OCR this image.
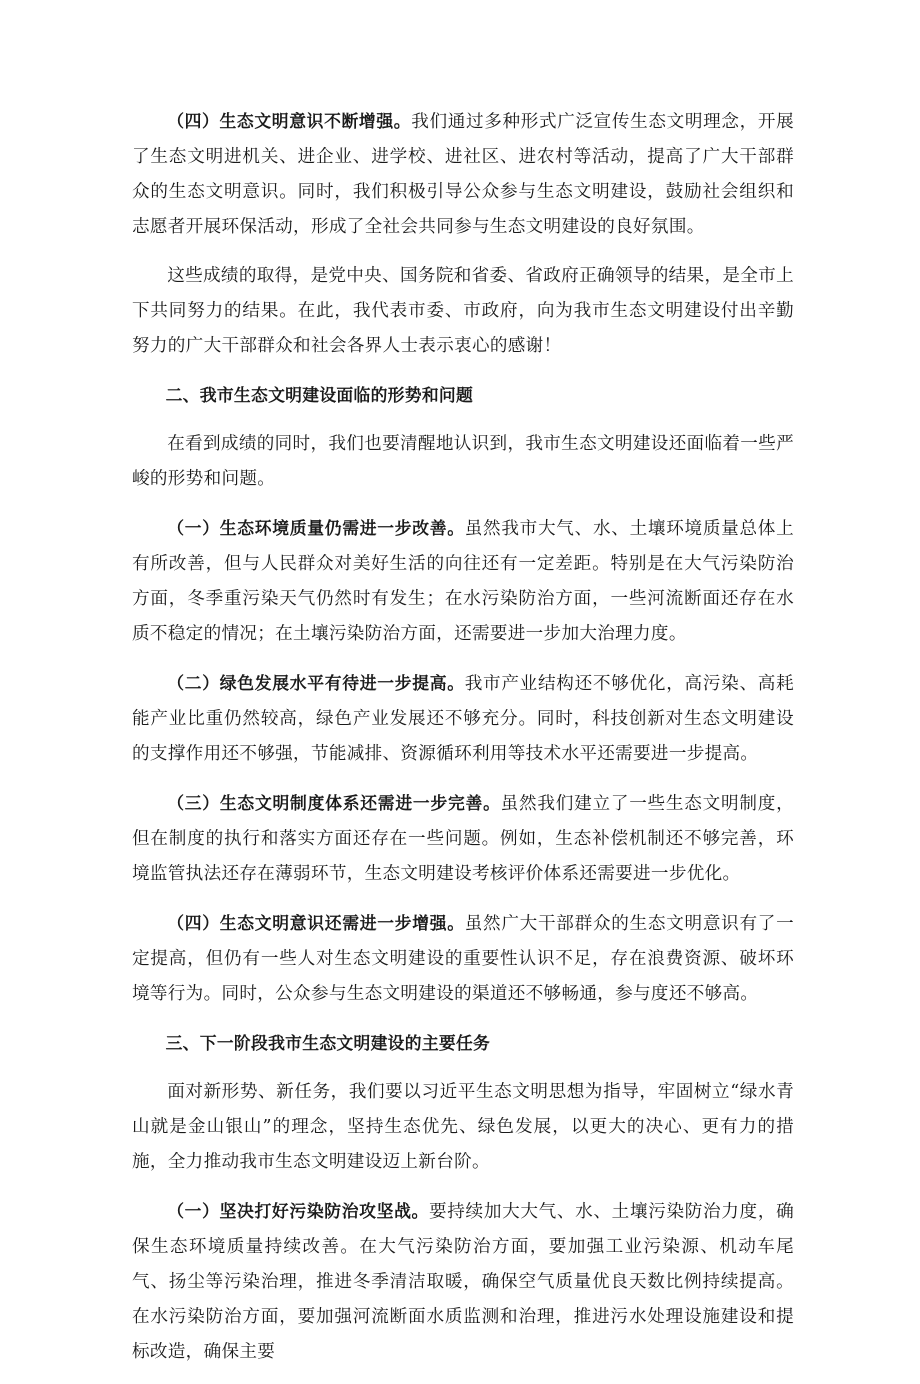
（四）生态文明意识不断增强。我们通过多种形式广泛宣传生态文明理念，开展了生态文明进机关、进企业、进学校、进社区、进农村等活动，提高了广大干部群众的生态文明意识。同时，我们积极引导公众参与生态文明建设，鼓励社会组织和志愿者开展环保活动，形成了全社会共同参与生态文明建设的良好氛围。

这些成绩的取得，是党中央、国务院和省委、省政府正确领导的结果，是全市上下共同努力的结果。在此，我代表市委、市政府，向为我市生态文明建设付出辛勤努力的广大干部群众和社会各界人士表示衷心的感谢！

二、我市生态文明建设面临的形势和问题

在看到成绩的同时，我们也要清醒地认识到，我市生态文明建设还面临着一些严峻的形势和问题。

（一）生态环境质量仍需进一步改善。虽然我市大气、水、土壤环境质量总体上有所改善，但与人民群众对美好生活的向往还有一定差距。特别是在大气污染防治方面，冬季重污染天气仍然时有发生；在水污染防治方面，一些河流断面还存在水质不稳定的情况；在土壤污染防治方面，还需要进一步加大治理力度。

（二）绿色发展水平有待进一步提高。我市产业结构还不够优化，高污染、高耗能产业比重仍然较高，绿色产业发展还不够充分。同时，科技创新对生态文明建设的支撑作用还不够强，节能减排、资源循环利用等技术水平还需要进一步提高。

（三）生态文明制度体系还需进一步完善。虽然我们建立了一些生态文明制度，但在制度的执行和落实方面还存在一些问题。例如，生态补偿机制还不够完善，环境监管执法还存在薄弱环节，生态文明建设考核评价体系还需要进一步优化。

（四）生态文明意识还需进一步增强。虽然广大干部群众的生态文明意识有了一定提高，但仍有一些人对生态文明建设的重要性认识不足，存在浪费资源、破坏环境等行为。同时，公众参与生态文明建设的渠道还不够畅通，参与度还不够高。

三、下一阶段我市生态文明建设的主要任务

面对新形势、新任务，我们要以习近平生态文明思想为指导，牢固树立“绿水青山就是金山银山”的理念，坚持生态优先、绿色发展，以更大的决心、更有力的措施，全力推动我市生态文明建设迈上新台阶。

（一）坚决打好污染防治攻坚战。要持续加大大气、水、土壤污染防治力度，确保生态环境质量持续改善。在大气污染防治方面，要加强工业污染源、机动车尾气、扬尘等污染治理，推进冬季清洁取暖，确保空气质量优良天数比例持续提高。在水污染防治方面，要加强河流断面水质监测和治理，推进污水处理设施建设和提标改造，确保主要
